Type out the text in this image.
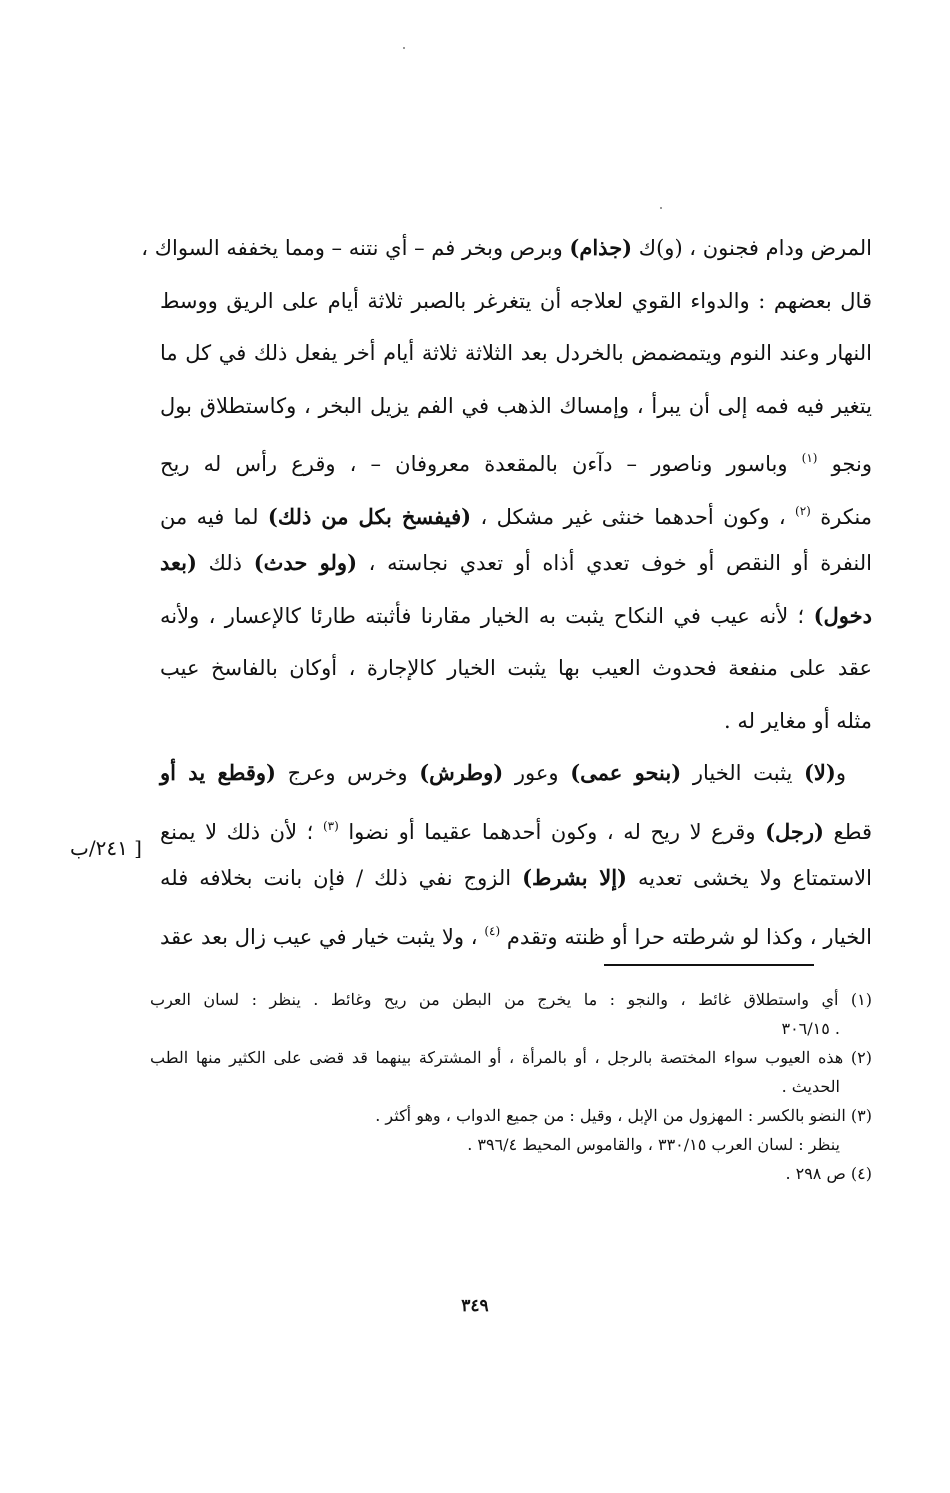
المرض ودام فجنون ، (و)ك (جذام) وبرص وبخر فم – أي نتنه – ومما يخففه السواك ،
قال بعضهم : والدواء القوي لعلاجه أن يتغرغر بالصبر ثلاثة أيام على الريق ووسط
النهار وعند النوم ويتمضمض بالخردل بعد الثلاثة ثلاثة أيام أخر يفعل ذلك في كل ما
يتغير فيه فمه إلى أن يبرأ ، وإمساك الذهب في الفم يزيل البخر ، وكاستطلاق بول
ونجو $^{(١)}$ وباسور وناصور – دآءن بالمقعدة معروفان – ، وقرع رأس له ريح
منكرة $^{(٢)}$ ، وكون أحدهما خنثى غير مشكل ، (فيفسخ بكل من ذلك) لما فيه من
النفرة أو النقص أو خوف تعدي أذاه أو تعدي نجاسته ، (ولو حدث) ذلك (بعد
دخول) ؛ لأنه عيب في النكاح يثبت به الخيار مقارنا فأثبته طارئا كالإعسار ، ولأنه
عقد على منفعة فحدوث العيب بها يثبت الخيار كالإجارة ، أوكان بالفاسخ عيب
مثله أو مغاير له .
و(لا) يثبت الخيار (بنحو عمى) وعور (وطرش) وخرس وعرج (وقطع يد أو
قطع (رجل) وقرع لا ريح له ، وكون أحدهما عقيما أو نضوا $^{(٣)}$ ؛ لأن ذلك لا يمنع
الاستمتاع ولا يخشى تعديه (إلا بشرط) الزوج نفي ذلك / فإن بانت بخلافه فله
الخيار ، وكذا لو شرطته حرا أو ظنته وتقدم $^{(٤)}$ ، ولا يثبت خيار في عيب زال بعد عقد
[ ٢٤١/ب
(١) أي واستطلاق غائط ، والنجو : ما يخرج من البطن من ريح وغائط . ينظر : لسان العرب
. ٣٠٦/١٥
(٢) هذه العيوب سواء المختصة بالرجل ، أو بالمرأة ، أو المشتركة بينهما قد قضى على الكثير منها الطب
الحديث .
(٣) النضو بالكسر : المهزول من الإبل ، وقيل : من جميع الدواب ، وهو أكثر .
ينظر : لسان العرب ٣٣٠/١٥ ، والقاموس المحيط ٣٩٦/٤ .
(٤) ص ٢٩٨ .
٣٤٩
